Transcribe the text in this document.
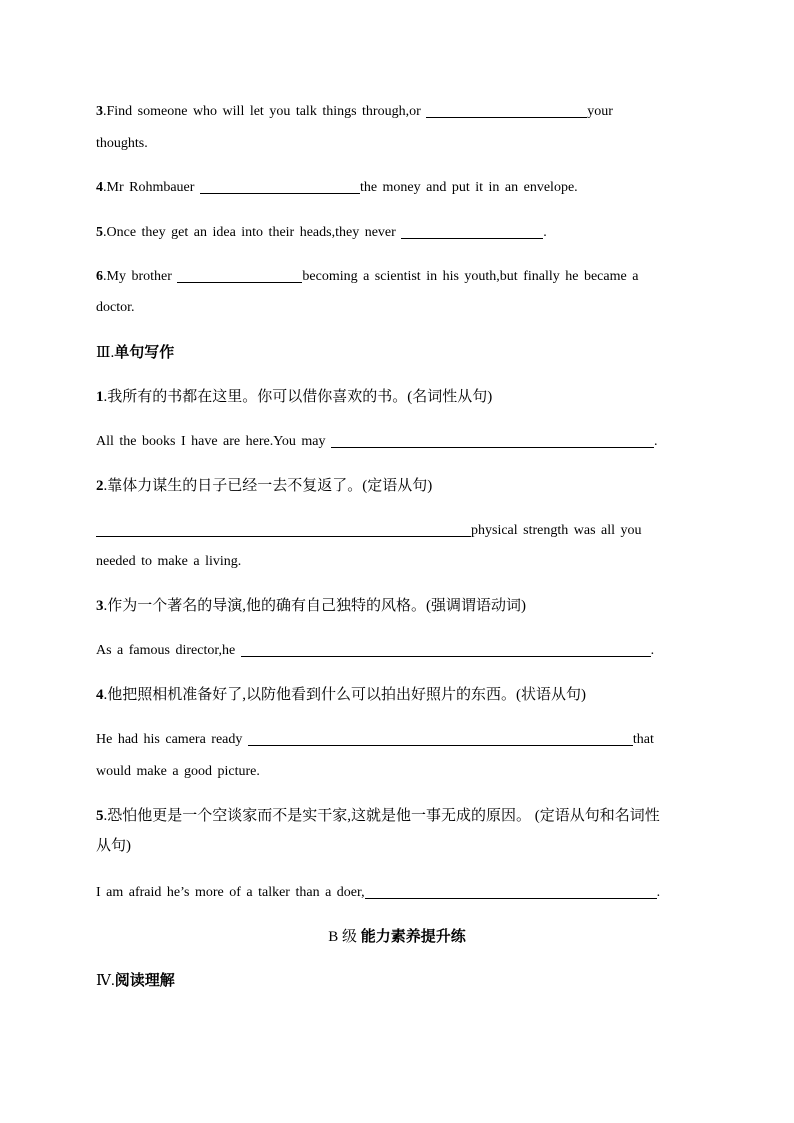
3.Find someone who will let you talk things through,or	your
thoughts.
4.Mr Rohmbauer	the money and put it in an envelope.
5.Once they get an idea into their heads,they never	.
6.My brother	becoming a scientist in his youth,but finally he became a
doctor.
Ⅲ.单句写作
1.我所有的书都在这里。你可以借你喜欢的书。(名词性从句)
All the books I have are here.You may	.
2.靠体力谋生的日子已经一去不复返了。(定语从句)
physical strength was all you
needed to make a living.
3.作为一个著名的导演,他的确有自己独特的风格。(强调谓语动词)
As a famous director,he	.
4.他把照相机准备好了,以防他看到什么可以拍出好照片的东西。(状语从句)
He had his camera ready	that
would make a good picture.
5.恐怕他更是一个空谈家而不是实干家,这就是他一事无成的原因。 (定语从句和名词性
从句)
I am afraid he’s more of a talker than a doer,	.
B 级 能力素养提升练
Ⅳ.阅读理解
